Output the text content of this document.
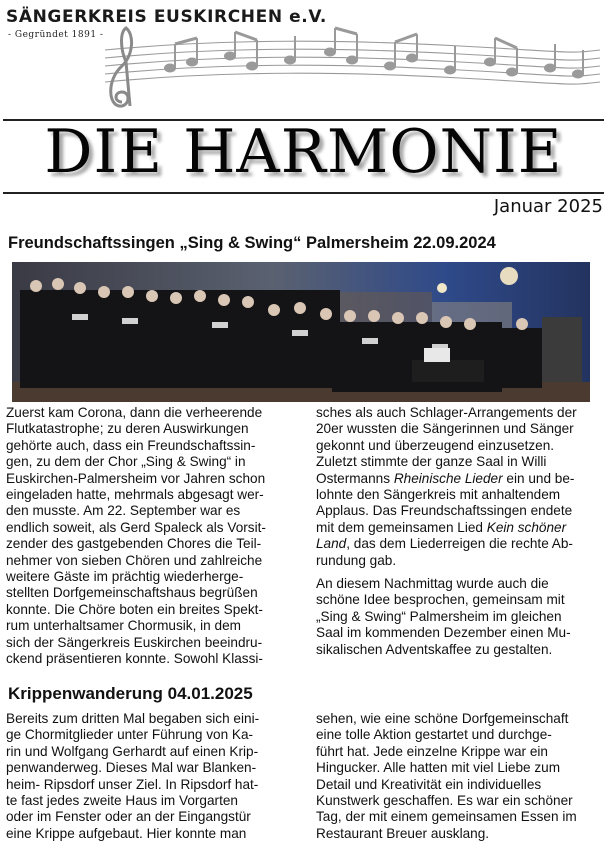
SÄNGERKREIS EUSKIRCHEN e.V.
- Gegründet 1891 -
DIE HARMONIE
Januar 2025
Freundschaftssingen „Sing & Swing“ Palmersheim 22.09.2024

Zuerst kam Corona, dann die verheerende
Flutkatastrophe; zu deren Auswirkungen
gehörte auch, dass ein Freundschaftssin-
gen, zu dem der Chor „Sing & Swing“ in
Euskirchen-Palmersheim vor Jahren schon
eingeladen hatte, mehrmals abgesagt wer-
den musste. Am 22. September war es
endlich soweit, als Gerd Spaleck als Vorsit-
zender des gastgebenden Chores die Teil-
nehmer von sieben Chören und zahlreiche
weitere Gäste im prächtig wiederherge-
stellten Dorfgemeinschaftshaus begrüßen
konnte. Die Chöre boten ein breites Spekt-
rum unterhaltsamer Chormusik, in dem
sich der Sängerkreis Euskirchen beeindru-
ckend präsentieren konnte. Sowohl Klassi-

sches als auch Schlager-Arrangements der
20er wussten die Sängerinnen und Sänger
gekonnt und überzeugend einzusetzen.
Zuletzt stimmte der ganze Saal in Willi
Ostermanns Rheinische Lieder ein und be-
lohnte den Sängerkreis mit anhaltendem
Applaus. Das Freundschaftssingen endete
mit dem gemeinsamen Lied Kein schöner
Land, das dem Liederreigen die rechte Ab-
rundung gab.

An diesem Nachmittag wurde auch die
schöne Idee besprochen, gemeinsam mit
„Sing & Swing“ Palmersheim im gleichen
Saal im kommenden Dezember einen Mu-
sikalischen Adventskaffee zu gestalten.

Krippenwanderung 04.01.2025

Bereits zum dritten Mal begaben sich eini-
ge Chormitglieder unter Führung von Ka-
rin und Wolfgang Gerhardt auf einen Krip-
penwanderweg. Dieses Mal war Blanken-
heim- Ripsdorf unser Ziel. In Ripsdorf hat-
te fast jedes zweite Haus im Vorgarten
oder im Fenster oder an der Eingangstür
eine Krippe aufgebaut. Hier konnte man

sehen, wie eine schöne Dorfgemeinschaft
eine tolle Aktion gestartet und durchge-
führt hat. Jede einzelne Krippe war ein
Hingucker. Alle hatten mit viel Liebe zum
Detail und Kreativität ein individuelles
Kunstwerk geschaffen. Es war ein schöner
Tag, der mit einem gemeinsamen Essen im
Restaurant Breuer ausklang.
